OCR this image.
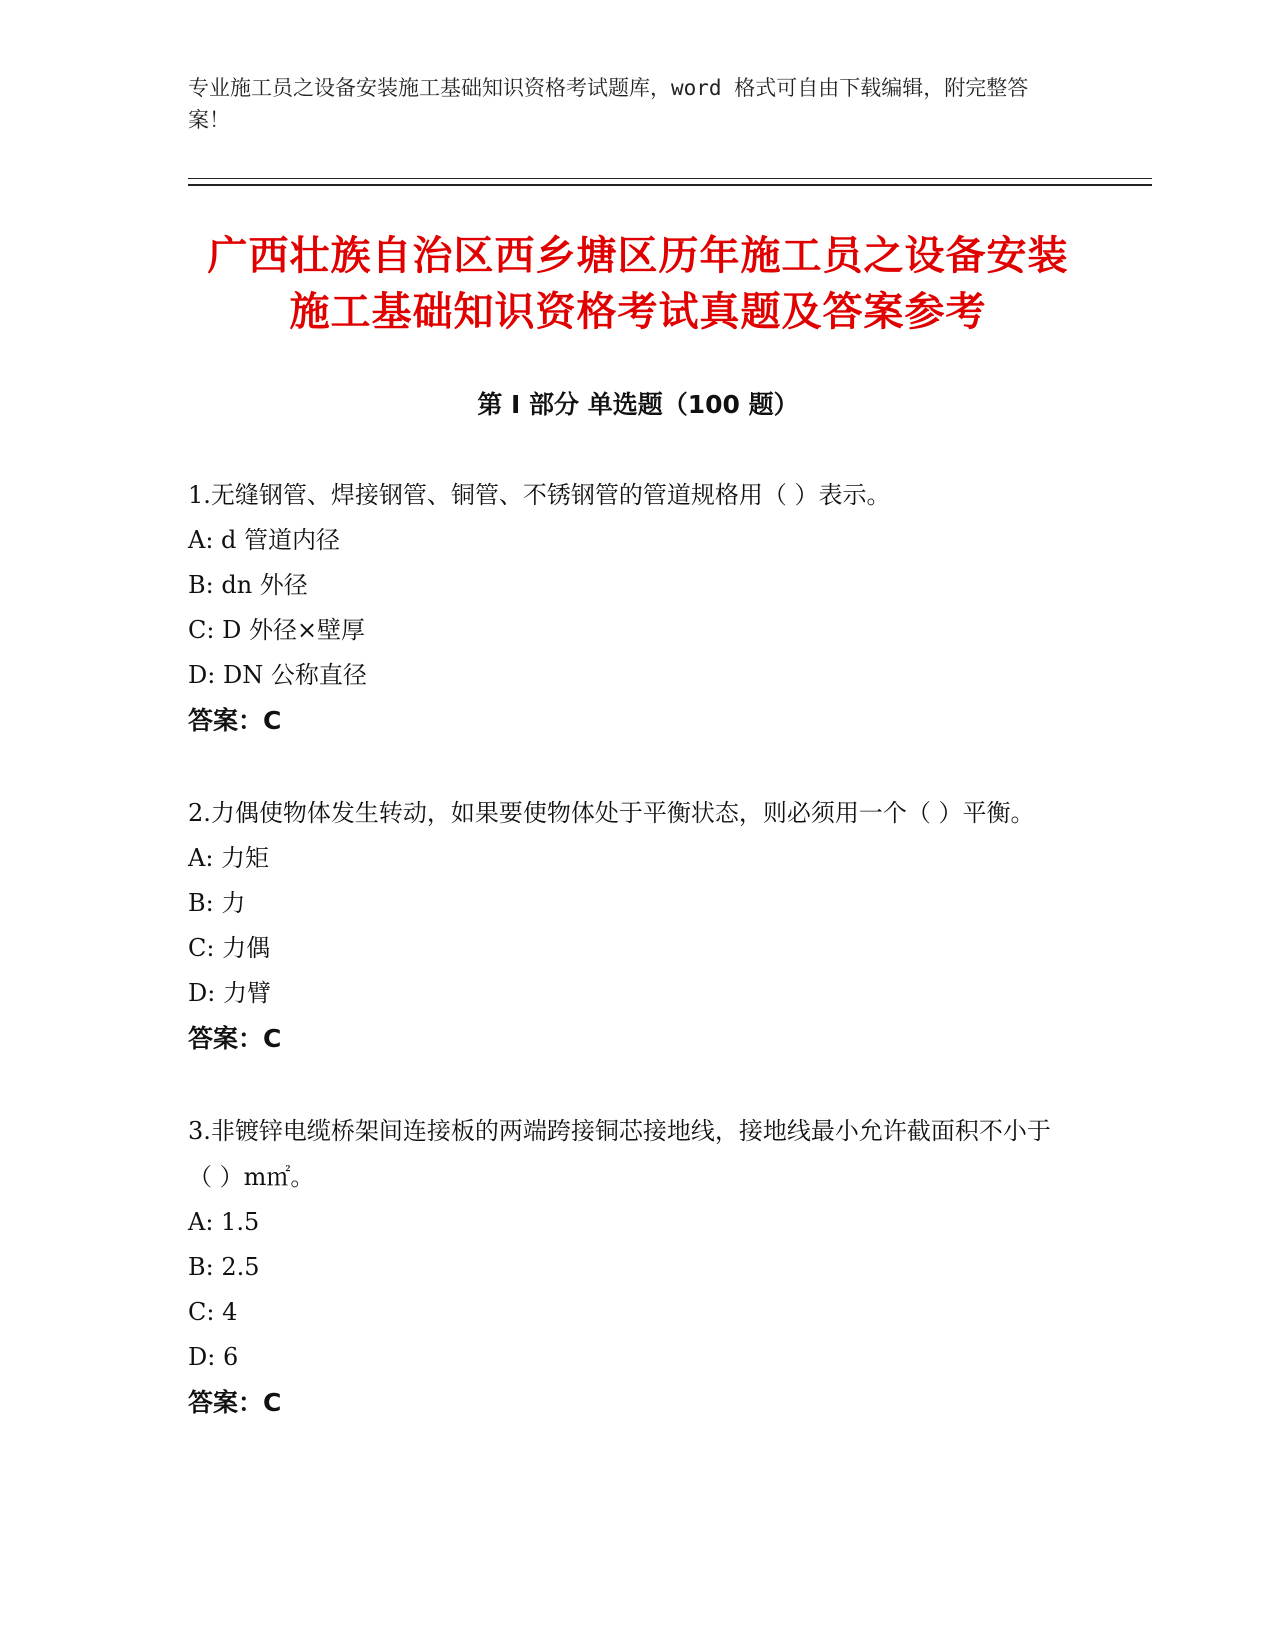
专业施工员之设备安装施工基础知识资格考试题库，word 格式可自由下载编辑，附完整答案！
广西壮族自治区西乡塘区历年施工员之设备安装施工基础知识资格考试真题及答案参考
第 I 部分 单选题（100 题）
1.无缝钢管、焊接钢管、铜管、不锈钢管的管道规格用（ ）表示。
A: d 管道内径
B: dn 外径
C: D 外径×壁厚
D: DN 公称直径
答案：C
2.力偶使物体发生转动，如果要使物体处于平衡状态，则必须用一个（ ）平衡。
A: 力矩
B: 力
C: 力偶
D: 力臂
答案：C
3.非镀锌电缆桥架间连接板的两端跨接铜芯接地线，接地线最小允许截面积不小于（ ）m㎡。
A: 1.5
B: 2.5
C: 4
D: 6
答案：C
